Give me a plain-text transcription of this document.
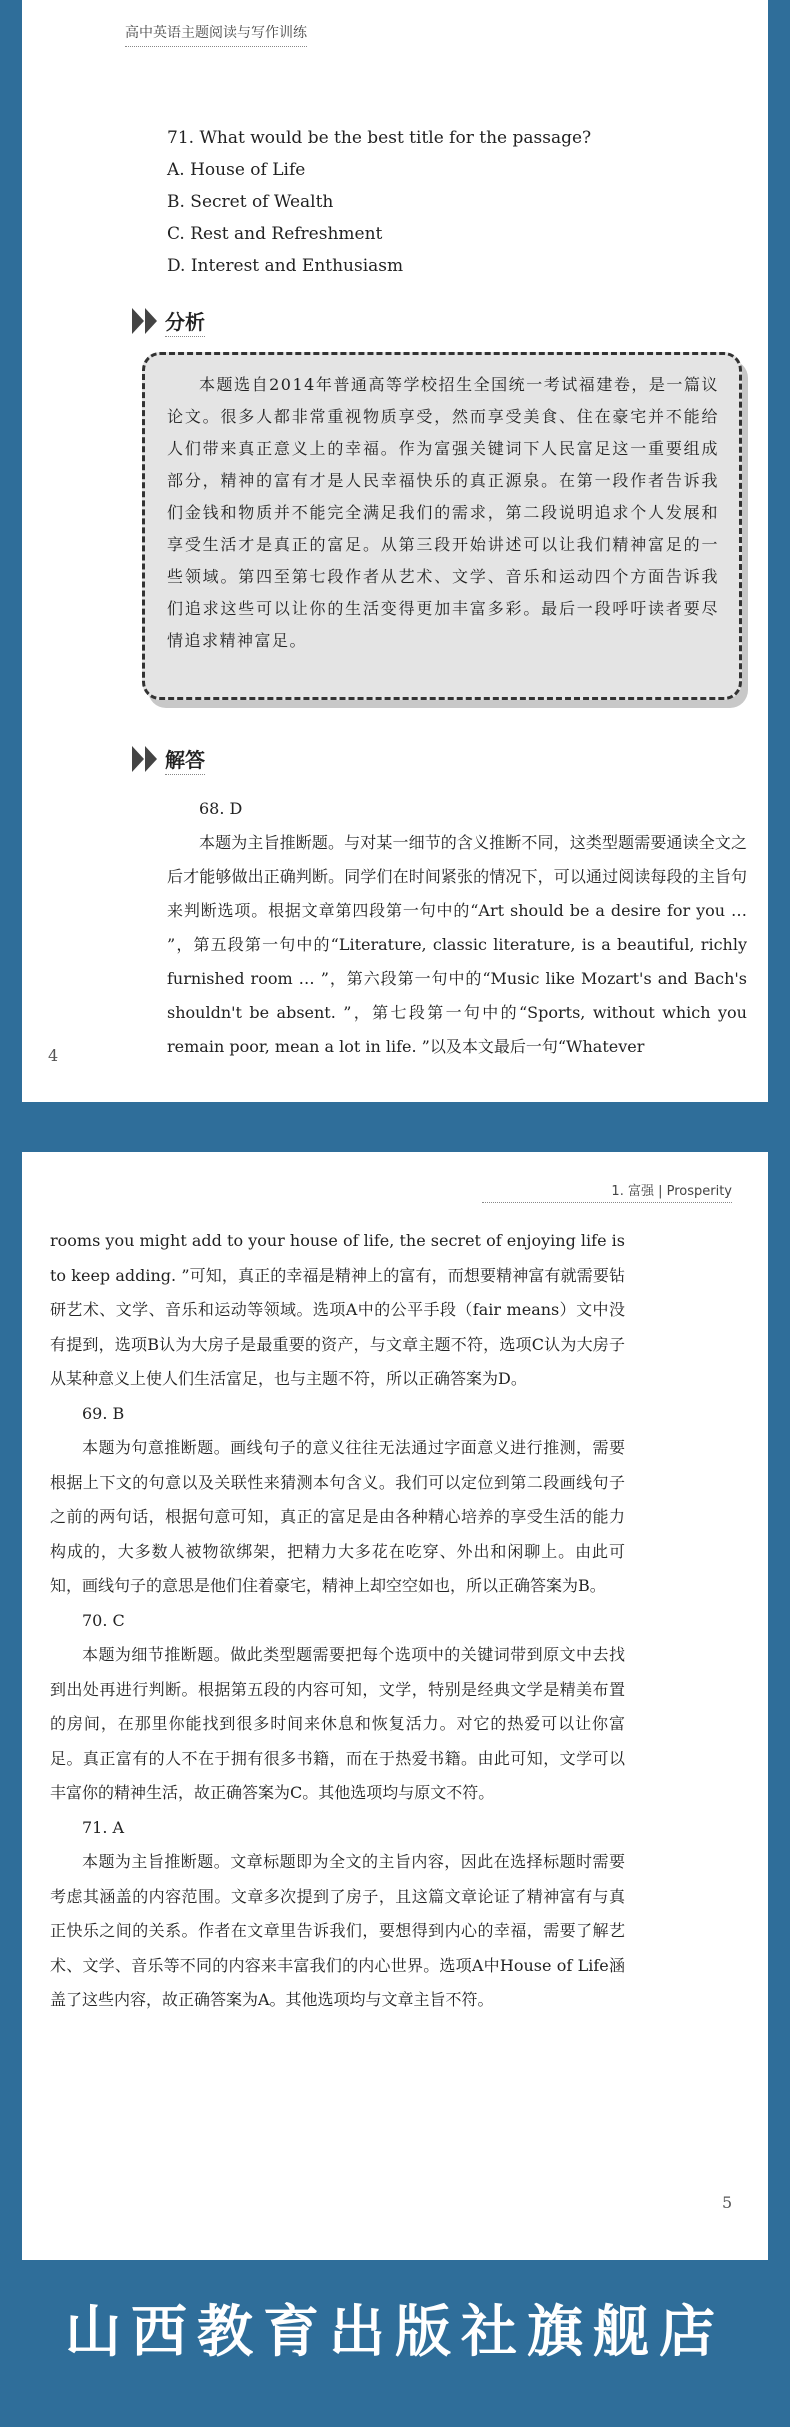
高中英语主题阅读与写作训练

71. What would be the best title for the passage?

A. House of Life
B. Secret of Wealth
C. Rest and Refreshment
D. Interest and Enthusiasm
分析
本题选自2014年普通高等学校招生全国统一考试福建卷，是一篇议论文。很多人都非常重视物质享受，然而享受美食、住在豪宅并不能给人们带来真正意义上的幸福。作为富强关键词下人民富足这一重要组成部分，精神的富有才是人民幸福快乐的真正源泉。在第一段作者告诉我们金钱和物质并不能完全满足我们的需求，第二段说明追求个人发展和享受生活才是真正的富足。从第三段开始讲述可以让我们精神富足的一些领域。第四至第七段作者从艺术、文学、音乐和运动四个方面告诉我们追求这些可以让你的生活变得更加丰富多彩。最后一段呼吁读者要尽情追求精神富足。
解答

68. D

本题为主旨推断题。与对某一细节的含义推断不同，这类型题需要通读全文之后才能够做出正确判断。同学们在时间紧张的情况下，可以通过阅读每段的主旨句来判断选项。根据文章第四段第一句中的“Art should be a desire for you … ”，第五段第一句中的“Literature, classic literature, is a beautiful, richly furnished room … ”，第六段第一句中的“Music like Mozart's and Bach's shouldn't be absent. ”，第七段第一句中的“Sports, without which you remain poor, mean a lot in life. ”以及本文最后一句“Whatever

4
1. 富强 | Prosperity

rooms you might add to your house of life, the secret of enjoying life is to keep adding. ”可知，真正的幸福是精神上的富有，而想要精神富有就需要钻研艺术、文学、音乐和运动等领域。选项A中的公平手段（fair means）文中没有提到，选项B认为大房子是最重要的资产，与文章主题不符，选项C认为大房子从某种意义上使人们生活富足，也与主题不符，所以正确答案为D。

69. B

本题为句意推断题。画线句子的意义往往无法通过字面意义进行推测，需要根据上下文的句意以及关联性来猜测本句含义。我们可以定位到第二段画线句子之前的两句话，根据句意可知，真正的富足是由各种精心培养的享受生活的能力构成的，大多数人被物欲绑架，把精力大多花在吃穿、外出和闲聊上。由此可知，画线句子的意思是他们住着豪宅，精神上却空空如也，所以正确答案为B。

70. C

本题为细节推断题。做此类型题需要把每个选项中的关键词带到原文中去找到出处再进行判断。根据第五段的内容可知，文学，特别是经典文学是精美布置的房间，在那里你能找到很多时间来休息和恢复活力。对它的热爱可以让你富足。真正富有的人不在于拥有很多书籍，而在于热爱书籍。由此可知，文学可以丰富你的精神生活，故正确答案为C。其他选项均与原文不符。

71. A

本题为主旨推断题。文章标题即为全文的主旨内容，因此在选择标题时需要考虑其涵盖的内容范围。文章多次提到了房子，且这篇文章论证了精神富有与真正快乐之间的关系。作者在文章里告诉我们，要想得到内心的幸福，需要了解艺术、文学、音乐等不同的内容来丰富我们的内心世界。选项A中House of Life涵盖了这些内容，故正确答案为A。其他选项均与文章主旨不符。

5
山西教育出版社旗舰店
